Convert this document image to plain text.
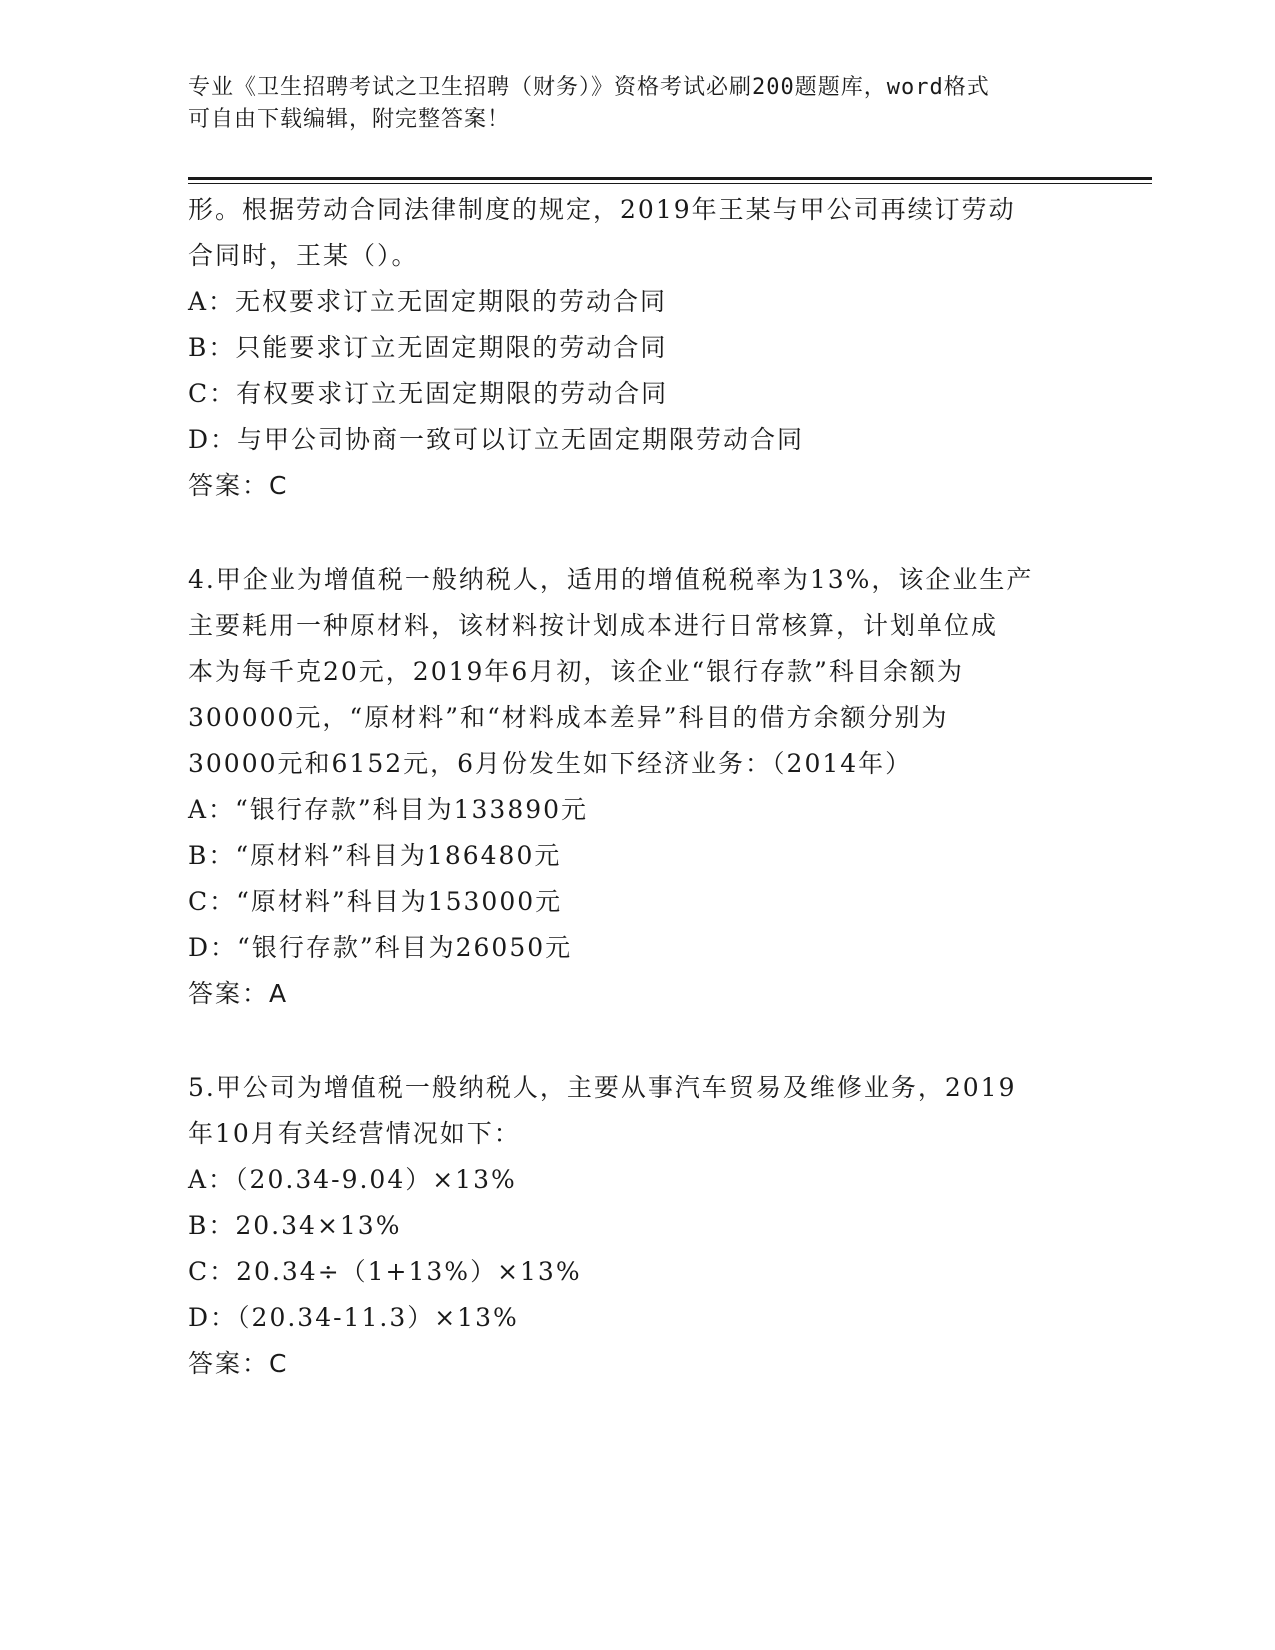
专业《卫生招聘考试之卫生招聘（财务）》资格考试必刷200题题库，word格式
可自由下载编辑，附完整答案！
形。根据劳动合同法律制度的规定，2019年王某与甲公司再续订劳动
合同时，王某（）。
A：无权要求订立无固定期限的劳动合同
B：只能要求订立无固定期限的劳动合同
C：有权要求订立无固定期限的劳动合同
D：与甲公司协商一致可以订立无固定期限劳动合同
答案：C
4.甲企业为增值税一般纳税人，适用的增值税税率为13%，该企业生产
主要耗用一种原材料，该材料按计划成本进行日常核算，计划单位成
本为每千克20元，2019年6月初，该企业“银行存款”科目余额为
300000元，“原材料”和“材料成本差异”科目的借方余额分别为
30000元和6152元，6月份发生如下经济业务：（2014年）
A：“银行存款”科目为133890元
B：“原材料”科目为186480元
C：“原材料”科目为153000元
D：“银行存款”科目为26050元
答案：A
5.甲公司为增值税一般纳税人，主要从事汽车贸易及维修业务，2019
年10月有关经营情况如下：
A：（20.34-9.04）×13%
B：20.34×13%
C：20.34÷（1+13%）×13%
D：（20.34-11.3）×13%
答案：C
